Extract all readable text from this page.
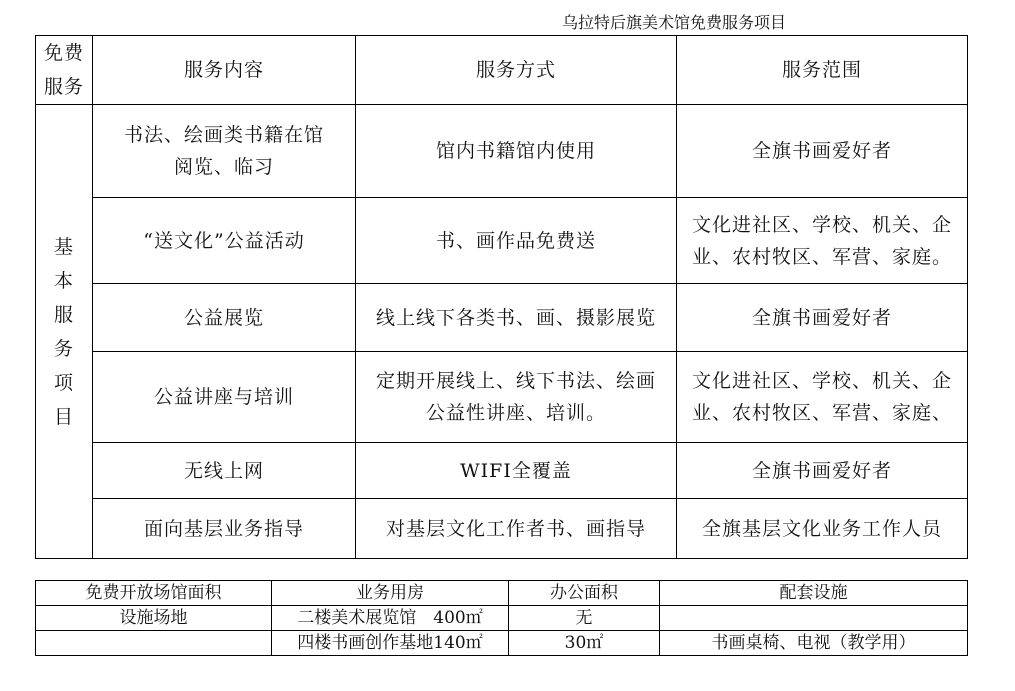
乌拉特后旗美术馆免费服务项目
免费 服务	服务内容	服务方式	服务范围
基本服务项目	书法、绘画类书籍在馆阅览、临习	馆内书籍馆内使用	全旗书画爱好者
	“送文化”公益活动	书、画作品免费送	文化进社区、学校、机关、企业、农村牧区、军营、家庭。
	公益展览	线上线下各类书、画、摄影展览	全旗书画爱好者
	公益讲座与培训	定期开展线上、线下书法、绘画公益性讲座、培训。	文化进社区、学校、机关、企业、农村牧区、军营、家庭、
	无线上网	WIFI全覆盖	全旗书画爱好者
	面向基层业务指导	对基层文化工作者书、画指导	全旗基层文化业务工作人员
免费开放场馆面积	业务用房	办公面积	配套设施
设施场地	二楼美术展览馆　400㎡	无	
	四楼书画创作基地140㎡	30㎡	书画桌椅、电视（教学用）
